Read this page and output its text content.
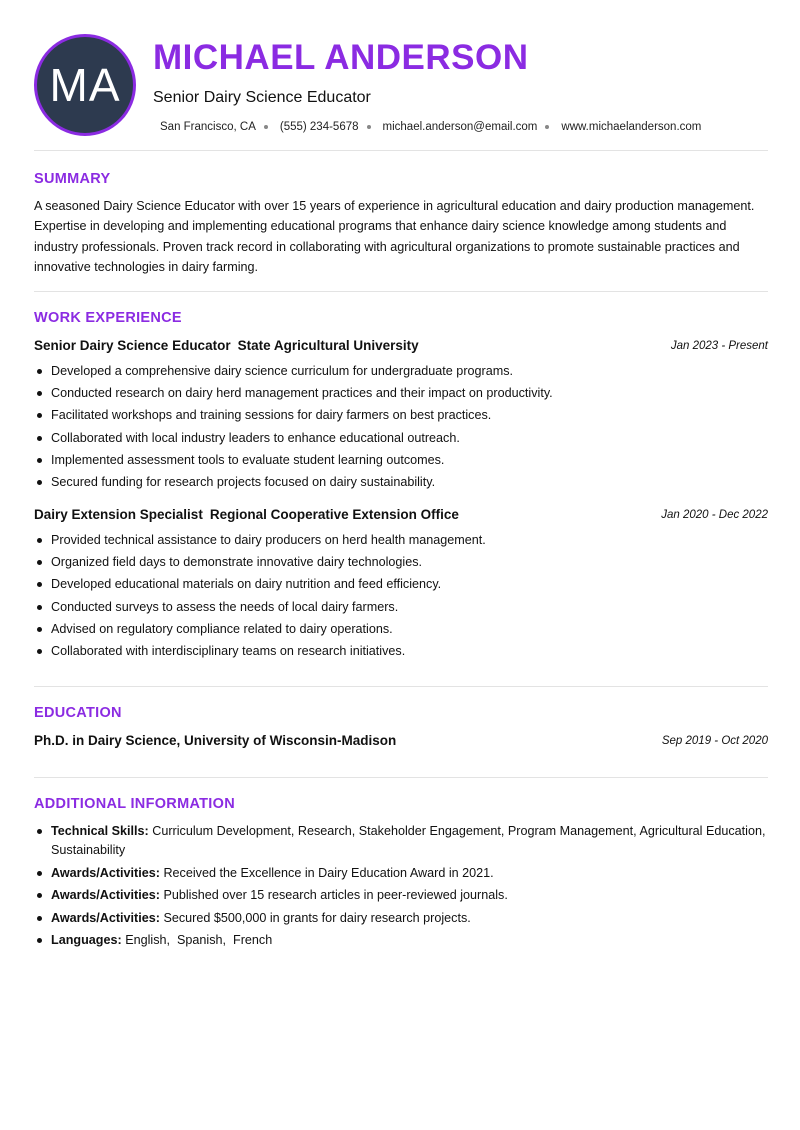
MA
MICHAEL ANDERSON
Senior Dairy Science Educator
San Francisco, CA (555) 234-5678 michael.anderson@email.com www.michaelanderson.com
SUMMARY
A seasoned Dairy Science Educator with over 15 years of experience in agricultural education and dairy production management. Expertise in developing and implementing educational programs that enhance dairy science knowledge among students and industry professionals. Proven track record in collaborating with agricultural organizations to promote sustainable practices and innovative technologies in dairy farming.
WORK EXPERIENCE
Senior Dairy Science Educator State Agricultural University	Jan 2023 - Present
Developed a comprehensive dairy science curriculum for undergraduate programs.
Conducted research on dairy herd management practices and their impact on productivity.
Facilitated workshops and training sessions for dairy farmers on best practices.
Collaborated with local industry leaders to enhance educational outreach.
Implemented assessment tools to evaluate student learning outcomes.
Secured funding for research projects focused on dairy sustainability.
Dairy Extension Specialist Regional Cooperative Extension Office	Jan 2020 - Dec 2022
Provided technical assistance to dairy producers on herd health management.
Organized field days to demonstrate innovative dairy technologies.
Developed educational materials on dairy nutrition and feed efficiency.
Conducted surveys to assess the needs of local dairy farmers.
Advised on regulatory compliance related to dairy operations.
Collaborated with interdisciplinary teams on research initiatives.
EDUCATION
Ph.D. in Dairy Science, University of Wisconsin-Madison	Sep 2019 - Oct 2020
ADDITIONAL INFORMATION
Technical Skills: Curriculum Development, Research, Stakeholder Engagement, Program Management, Agricultural Education, Sustainability
Awards/Activities: Received the Excellence in Dairy Education Award in 2021.
Awards/Activities: Published over 15 research articles in peer-reviewed journals.
Awards/Activities: Secured $500,000 in grants for dairy research projects.
Languages: English,  Spanish,  French
